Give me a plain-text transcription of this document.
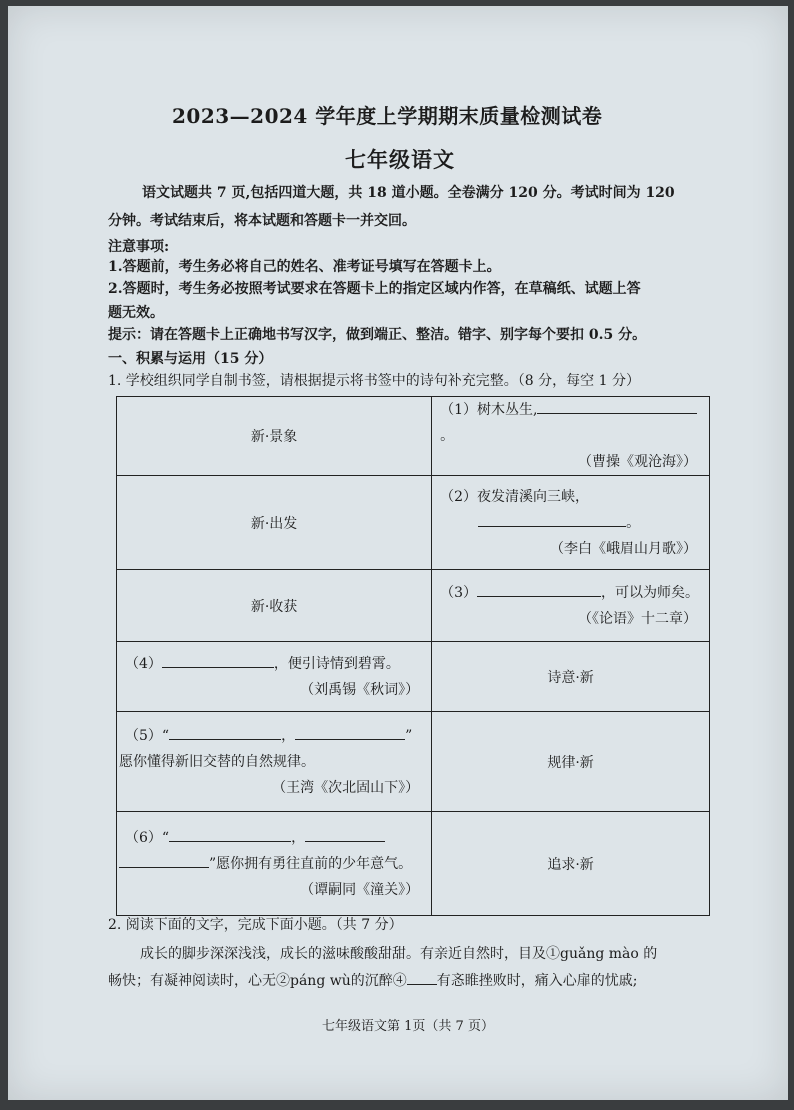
2023—2024 学年度上学期期末质量检测试卷
七年级语文
语文试题共 7 页,包括四道大题，共 18 道小题。全卷满分 120 分。考试时间为 120
分钟。考试结束后，将本试题和答题卡一并交回。
注意事项:
1.答题前，考生务必将自己的姓名、准考证号填写在答题卡上。
2.答题时，考生务必按照考试要求在答题卡上的指定区域内作答，在草稿纸、试题上答
题无效。
提示：请在答题卡上正确地书写汉字，做到端正、整洁。错字、别字每个要扣 0.5 分。
一、积累与运用（15 分）
1. 学校组织同学自制书签，请根据提示将书签中的诗句补充完整。（8 分，每空 1 分）
新·景象	（1）树木丛生,。
（曹操《观沧海》）

新·出发	（2）夜发清溪向三峡，
。
（李白《峨眉山月歌》）

新·收获	（3） ，可以为师矣。
（《论语》十二章）

（4） ，便引诗情到碧霄。
（刘禹锡《秋词》）	诗意·新

（5）“ ， ”
愿你懂得新旧交替的自然规律。
（王湾《次北固山下》）	规律·新

（6）“ ，
”愿你拥有勇往直前的少年意气。
（谭嗣同《潼关》）	追求·新
2. 阅读下面的文字，完成下面小题。（共 7 分）
成长的脚步深深浅浅，成长的滋味酸酸甜甜。有亲近自然时，目及①guǎng mào 的
畅快；有凝神阅读时，心无②páng wù的沉醉④ 有忞睢挫败时，痛入心扉的忧戚;
七年级语文第 1页（共 7 页）
